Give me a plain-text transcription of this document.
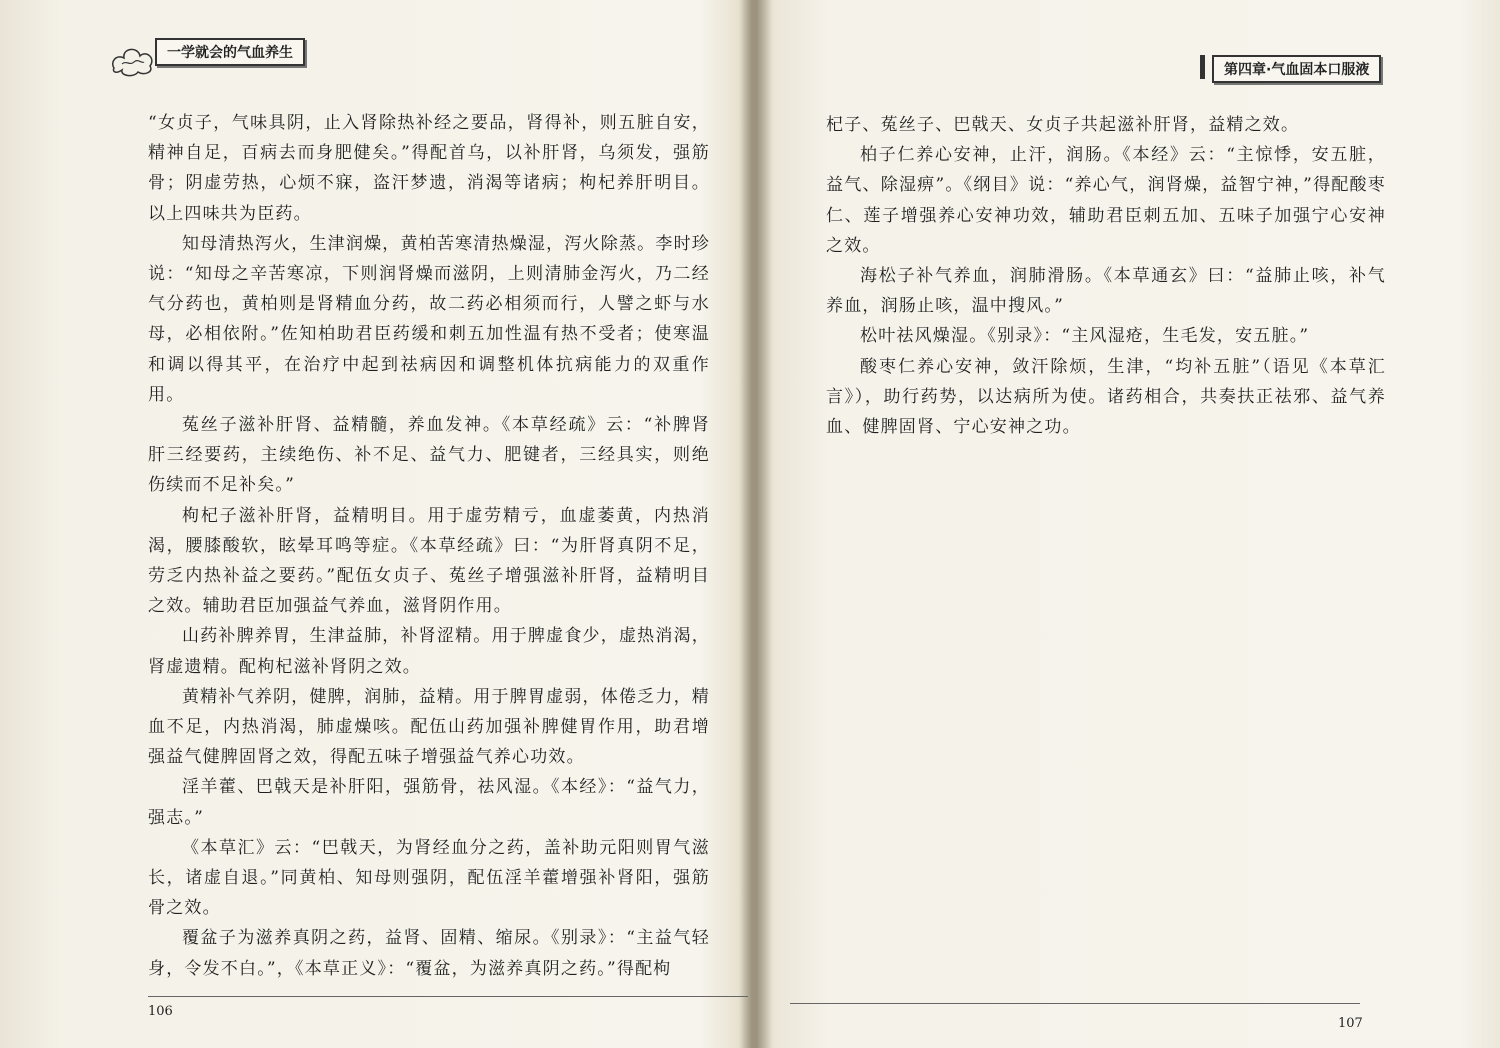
一学就会的气血养生

“女贞子，气味具阴，止入肾除热补经之要品，肾得补，则五脏自安，精神自足，百病去而身肥健矣。”得配首乌，以补肝肾，乌须发，强筋骨；阴虚劳热，心烦不寐，盗汗梦遗，消渴等诸病；枸杞养肝明目。以上四味共为臣药。

知母清热泻火，生津润燥，黄柏苦寒清热燥湿，泻火除蒸。李时珍说：“知母之辛苦寒凉，下则润肾燥而滋阴，上则清肺金泻火，乃二经气分药也，黄柏则是肾精血分药，故二药必相须而行，人譬之虾与水母，必相依附。”佐知柏助君臣药缓和刺五加性温有热不受者；使寒温和调以得其平，在治疗中起到祛病因和调整机体抗病能力的双重作用。

菟丝子滋补肝肾、益精髓，养血发神。《本草经疏》云：“补脾肾肝三经要药，主续绝伤、补不足、益气力、肥键者，三经具实，则绝伤续而不足补矣。”

枸杞子滋补肝肾，益精明目。用于虚劳精亏，血虚萎黄，内热消渴，腰膝酸软，眩晕耳鸣等症。《本草经疏》曰：“为肝肾真阴不足，劳乏内热补益之要药。”配伍女贞子、菟丝子增强滋补肝肾，益精明目之效。辅助君臣加强益气养血，滋肾阴作用。

山药补脾养胃，生津益肺，补肾涩精。用于脾虚食少，虚热消渴，肾虚遗精。配枸杞滋补肾阴之效。

黄精补气养阴，健脾，润肺，益精。用于脾胃虚弱，体倦乏力，精血不足，内热消渴，肺虚燥咳。配伍山药加强补脾健胃作用，助君增强益气健脾固肾之效，得配五味子增强益气养心功效。

淫羊藿、巴戟天是补肝阳，强筋骨，祛风湿。《本经》：“益气力，强志。”

《本草汇》云：“巴戟天，为肾经血分之药，盖补助元阳则胃气滋长，诸虚自退。”同黄柏、知母则强阴，配伍淫羊藿增强补肾阳，强筋骨之效。

覆盆子为滋养真阴之药，益肾、固精、缩尿。《别录》：“主益气轻身，令发不白。”，《本草正义》：“覆盆，为滋养真阴之药。”得配枸

106
第四章·气血固本口服液

杞子、菟丝子、巴戟天、女贞子共起滋补肝肾，益精之效。

柏子仁养心安神，止汗，润肠。《本经》云：“主惊悸，安五脏，益气、除湿痹”。《纲目》说：“养心气，润肾燥，益智宁神，”得配酸枣仁、莲子增强养心安神功效，辅助君臣刺五加、五味子加强宁心安神之效。

海松子补气养血，润肺滑肠。《本草通玄》曰：“益肺止咳，补气养血，润肠止咳，温中搜风。”

松叶祛风燥湿。《别录》：“主风湿疮，生毛发，安五脏。”

酸枣仁养心安神，敛汗除烦，生津，“均补五脏”（语见《本草汇言》），助行药势，以达病所为使。诸药相合，共奏扶正祛邪、益气养血、健脾固肾、宁心安神之功。

107
